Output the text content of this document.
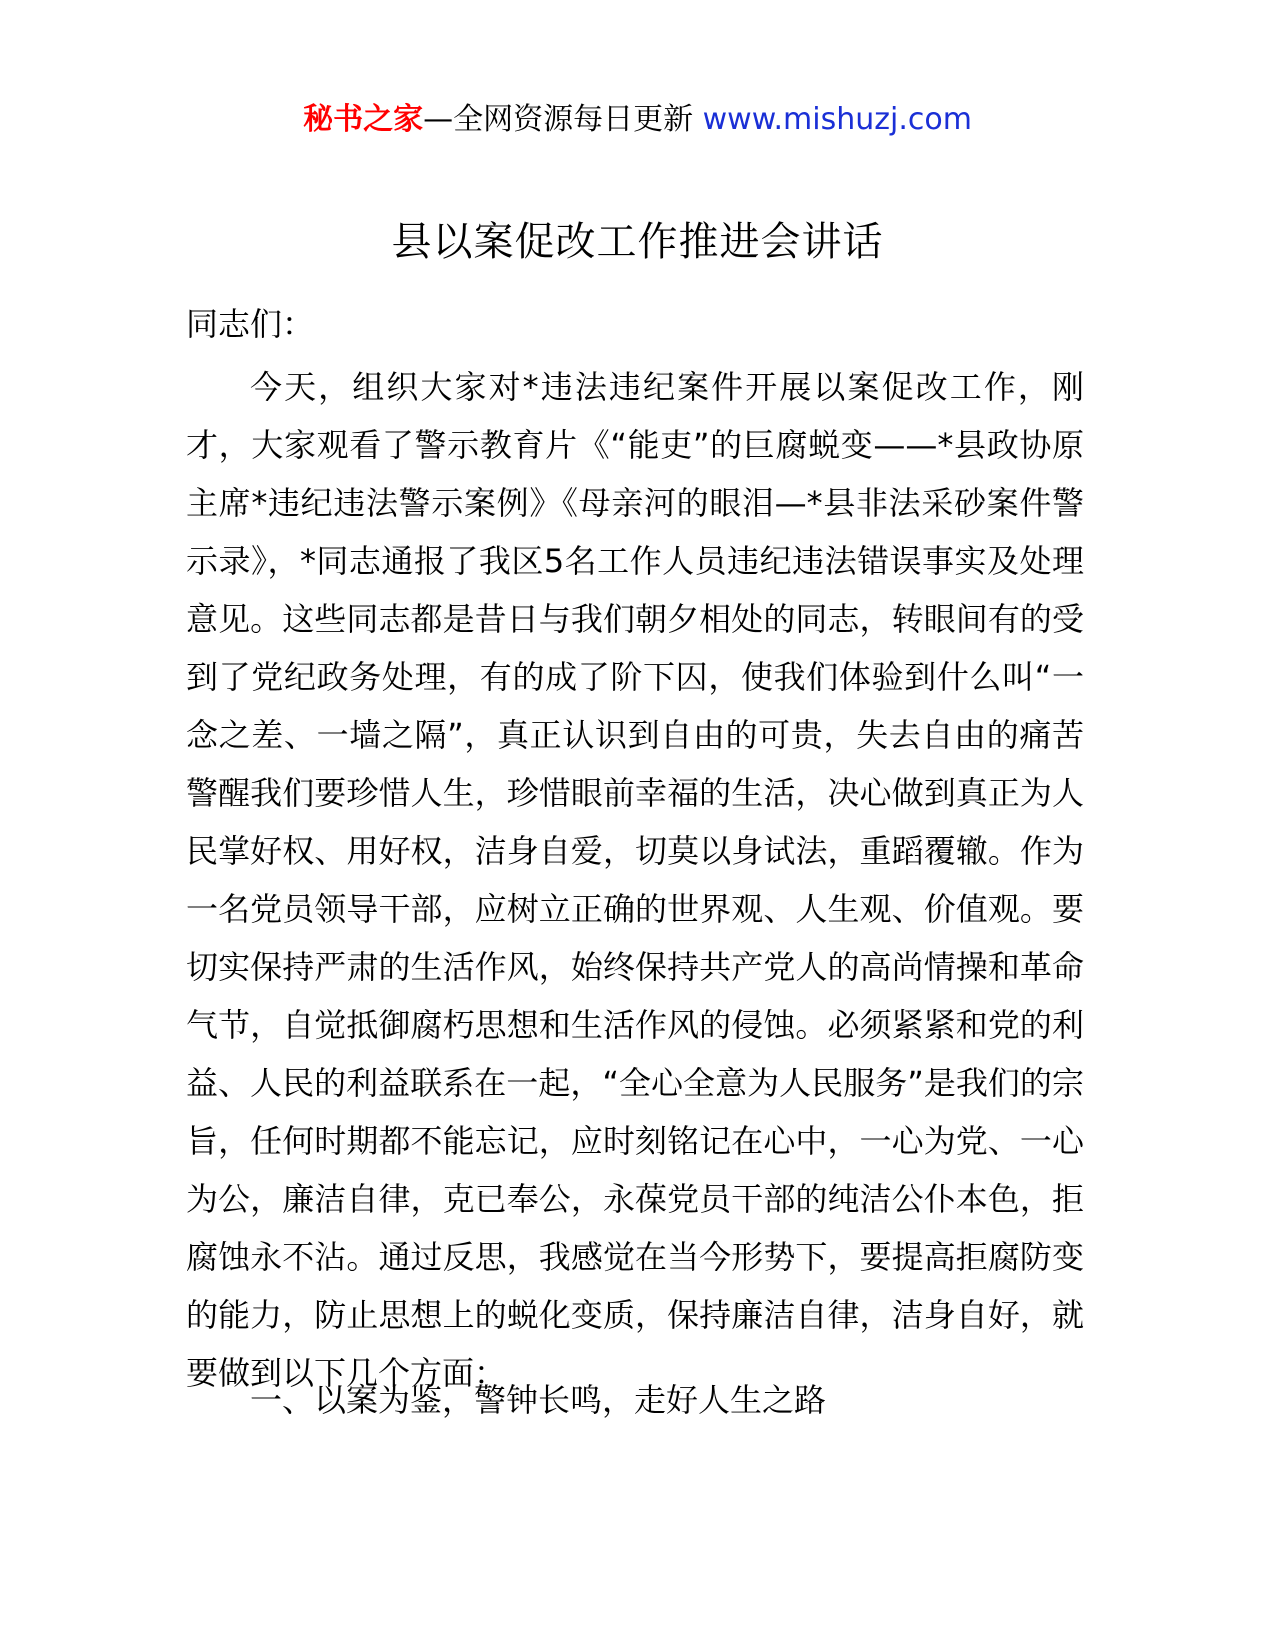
秘书之家—全网资源每日更新 www.mishuzj.com
县以案促改工作推进会讲话
同志们：

今天，组织大家对*违法违纪案件开展以案促改工作，刚才，大家观看了警示教育片《“能吏”的巨腐蜕变——*县政协原主席*违纪违法警示案例》《母亲河的眼泪—*县非法采砂案件警示录》，*同志通报了我区5名工作人员违纪违法错误事实及处理意见。这些同志都是昔日与我们朝夕相处的同志，转眼间有的受到了党纪政务处理，有的成了阶下囚，使我们体验到什么叫“一念之差、一墙之隔”，真正认识到自由的可贵，失去自由的痛苦警醒我们要珍惜人生，珍惜眼前幸福的生活，决心做到真正为人民掌好权、用好权，洁身自爱，切莫以身试法，重蹈覆辙。作为一名党员领导干部，应树立正确的世界观、人生观、价值观。要切实保持严肃的生活作风，始终保持共产党人的高尚情操和革命气节，自觉抵御腐朽思想和生活作风的侵蚀。必须紧紧和党的利益、人民的利益联系在一起，“全心全意为人民服务”是我们的宗旨，任何时期都不能忘记，应时刻铭记在心中，一心为党、一心为公，廉洁自律，克已奉公，永葆党员干部的纯洁公仆本色，拒腐蚀永不沾。通过反思，我感觉在当今形势下，要提高拒腐防变的能力，防止思想上的蜕化变质，保持廉洁自律，洁身自好，就要做到以下几个方面：

一、以案为鉴，警钟长鸣，走好人生之路
